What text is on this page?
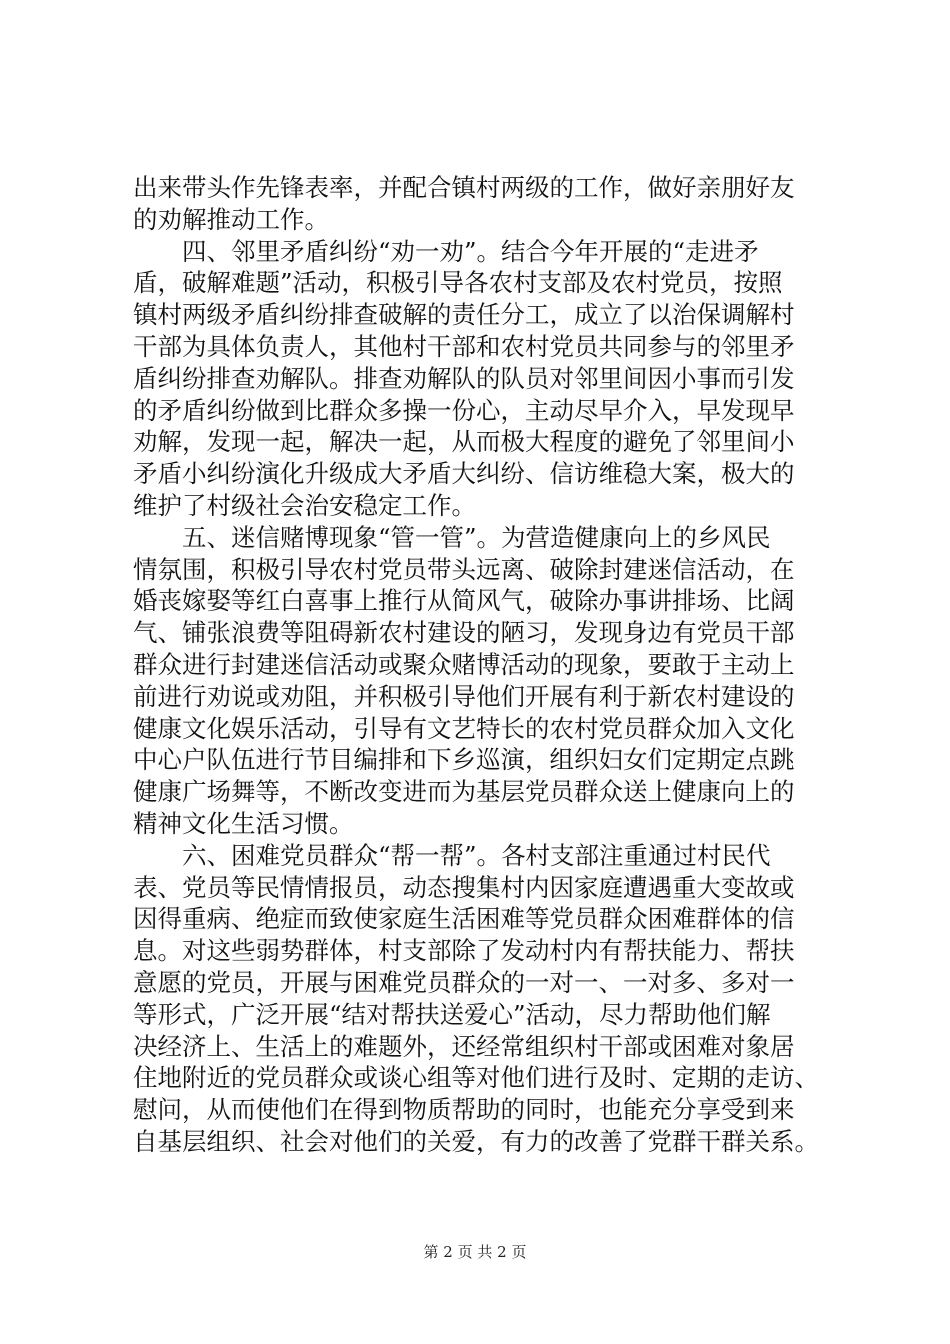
出来带头作先锋表率，并配合镇村两级的工作，做好亲朋好友
的劝解推动工作。
　　四、邻里矛盾纠纷“劝一劝”。结合今年开展的“走进矛
盾，破解难题”活动，积极引导各农村支部及农村党员，按照
镇村两级矛盾纠纷排查破解的责任分工，成立了以治保调解村
干部为具体负责人，其他村干部和农村党员共同参与的邻里矛
盾纠纷排查劝解队。排查劝解队的队员对邻里间因小事而引发
的矛盾纠纷做到比群众多操一份心，主动尽早介入，早发现早
劝解，发现一起，解决一起，从而极大程度的避免了邻里间小
矛盾小纠纷演化升级成大矛盾大纠纷、信访维稳大案，极大的
维护了村级社会治安稳定工作。
　　五、迷信赌博现象“管一管”。为营造健康向上的乡风民
情氛围，积极引导农村党员带头远离、破除封建迷信活动，在
婚丧嫁娶等红白喜事上推行从简风气，破除办事讲排场、比阔
气、铺张浪费等阻碍新农村建设的陋习，发现身边有党员干部
群众进行封建迷信活动或聚众赌博活动的现象，要敢于主动上
前进行劝说或劝阻，并积极引导他们开展有利于新农村建设的
健康文化娱乐活动，引导有文艺特长的农村党员群众加入文化
中心户队伍进行节目编排和下乡巡演，组织妇女们定期定点跳
健康广场舞等，不断改变进而为基层党员群众送上健康向上的
精神文化生活习惯。
　　六、困难党员群众“帮一帮”。各村支部注重通过村民代
表、党员等民情情报员，动态搜集村内因家庭遭遇重大变故或
因得重病、绝症而致使家庭生活困难等党员群众困难群体的信
息。对这些弱势群体，村支部除了发动村内有帮扶能力、帮扶
意愿的党员，开展与困难党员群众的一对一、一对多、多对一
等形式，广泛开展“结对帮扶送爱心”活动，尽力帮助他们解
决经济上、生活上的难题外，还经常组织村干部或困难对象居
住地附近的党员群众或谈心组等对他们进行及时、定期的走访、
慰问，从而使他们在得到物质帮助的同时，也能充分享受到来
自基层组织、社会对他们的关爱，有力的改善了党群干群关系。
第 2 页 共 2 页
